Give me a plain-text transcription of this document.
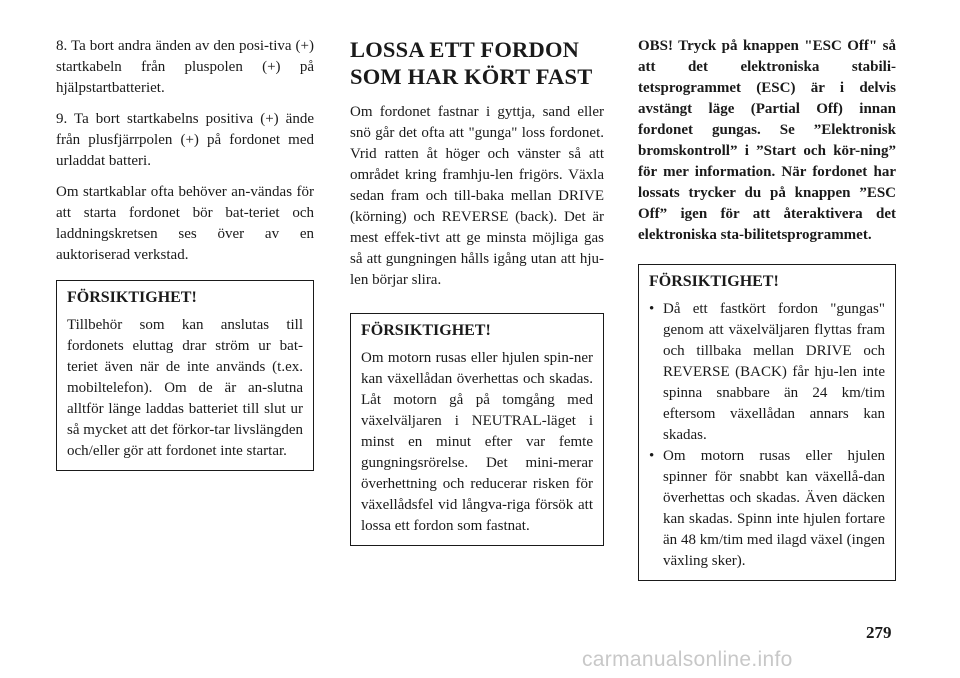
8. Ta bort andra änden av den posi-tiva (+) startkabeln från pluspolen (+) på hjälpstartbatteriet.

9. Ta bort startkabelns positiva (+) ände från plusfjärrpolen (+) på fordonet med urladdat batteri.

Om startkablar ofta behöver an-vändas för att starta fordonet bör bat-teriet och laddningskretsen ses över av en auktoriserad verkstad.

FÖRSIKTIGHET!

Tillbehör som kan anslutas till fordonets eluttag drar ström ur bat-teriet även när de inte används (t.ex. mobiltelefon). Om de är an-slutna alltför länge laddas batteriet till slut ur så mycket att det förkor-tar livslängden och/eller gör att fordonet inte startar.

LOSSA ETT FORDON
SOM HAR KÖRT FAST

Om fordonet fastnar i gyttja, sand eller snö går det ofta att "gunga" loss fordonet. Vrid ratten åt höger och vänster så att området kring framhju-len frigörs. Växla sedan fram och till-baka mellan DRIVE (körning) och REVERSE (back). Det är mest effek-tivt att ge minsta möjliga gas så att gungningen hålls igång utan att hju-len börjar slira.

FÖRSIKTIGHET!

Om motorn rusas eller hjulen spin-ner kan växellådan överhettas och skadas. Låt motorn gå på tomgång med växelväljaren i NEUTRAL-läget i minst en minut efter var femte gungningsrörelse. Det mini-merar överhettning och reducerar risken för växellådsfel vid långva-riga försök att lossa ett fordon som fastnat.

OBS! Tryck på knappen "ESC Off" så att det elektroniska stabili-tetsprogrammet (ESC) är i delvis avstängt läge (Partial Off) innan fordonet gungas. Se ”Elektronisk bromskontroll” i ”Start och kör-ning” för mer information. När fordonet har lossats trycker du på knappen ”ESC Off” igen för att återaktivera det elektroniska sta-bilitetsprogrammet.

FÖRSIKTIGHET!
• Då ett fastkört fordon "gungas" genom att växelväljaren flyttas fram och tillbaka mellan DRIVE och REVERSE (BACK) får hju-len inte spinna snabbare än 24 km/tim eftersom växellådan annars kan skadas.
• Om motorn rusas eller hjulen spinner för snabbt kan växellå-dan överhettas och skadas. Även däcken kan skadas. Spinn inte hjulen fortare än 48 km/tim med ilagd växel (ingen växling sker).
279
carmanualsonline.info
